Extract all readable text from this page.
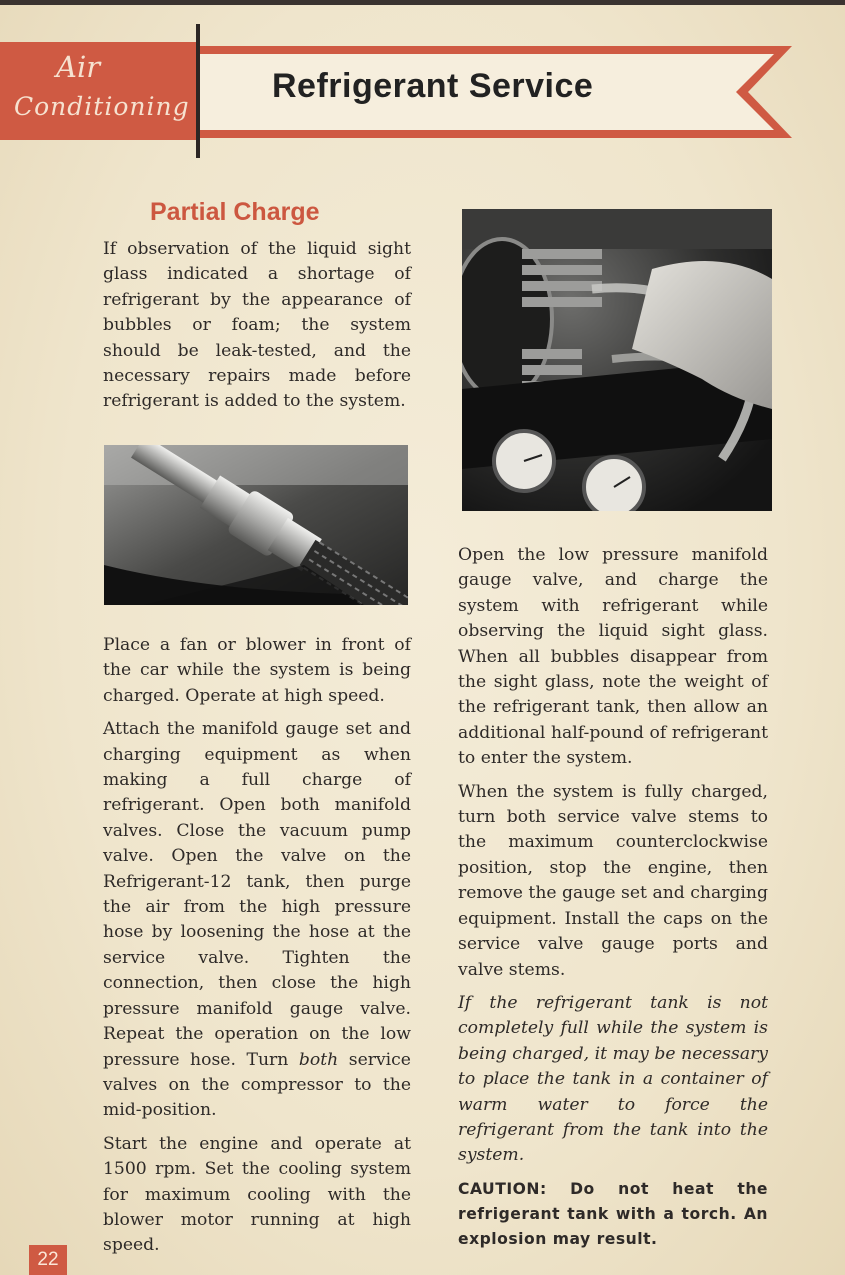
Air
Conditioning
Refrigerant Service
Partial Charge

If observation of the liquid sight glass indicated a shortage of refrigerant by the appearance of bubbles or foam; the system should be leak-tested, and the necessary repairs made before refrigerant is added to the system.

Place a fan or blower in front of the car while the system is being charged. Operate at high speed.

Attach the manifold gauge set and charging equipment as when making a full charge of refrigerant. Open both manifold valves. Close the vacuum pump valve. Open the valve on the Refrigerant-12 tank, then purge the air from the high pressure hose by loosening the hose at the service valve. Tighten the connection, then close the high pressure manifold gauge valve. Repeat the operation on the low pressure hose. Turn both service valves on the compressor to the mid-position.

Start the engine and operate at 1500 rpm. Set the cooling system for maximum cooling with the blower motor running at high speed.

Open the low pressure manifold gauge valve, and charge the system with refrigerant while observing the liquid sight glass. When all bubbles disappear from the sight glass, note the weight of the refrigerant tank, then allow an additional half-pound of refrigerant to enter the system.

When the system is fully charged, turn both service valve stems to the maximum counterclockwise position, stop the engine, then remove the gauge set and charging equipment. Install the caps on the service valve gauge ports and valve stems.

If the refrigerant tank is not completely full while the system is being charged, it may be necessary to place the tank in a container of warm water to force the refrigerant from the tank into the system.

CAUTION: Do not heat the refrigerant tank with a torch. An explosion may result.

22
